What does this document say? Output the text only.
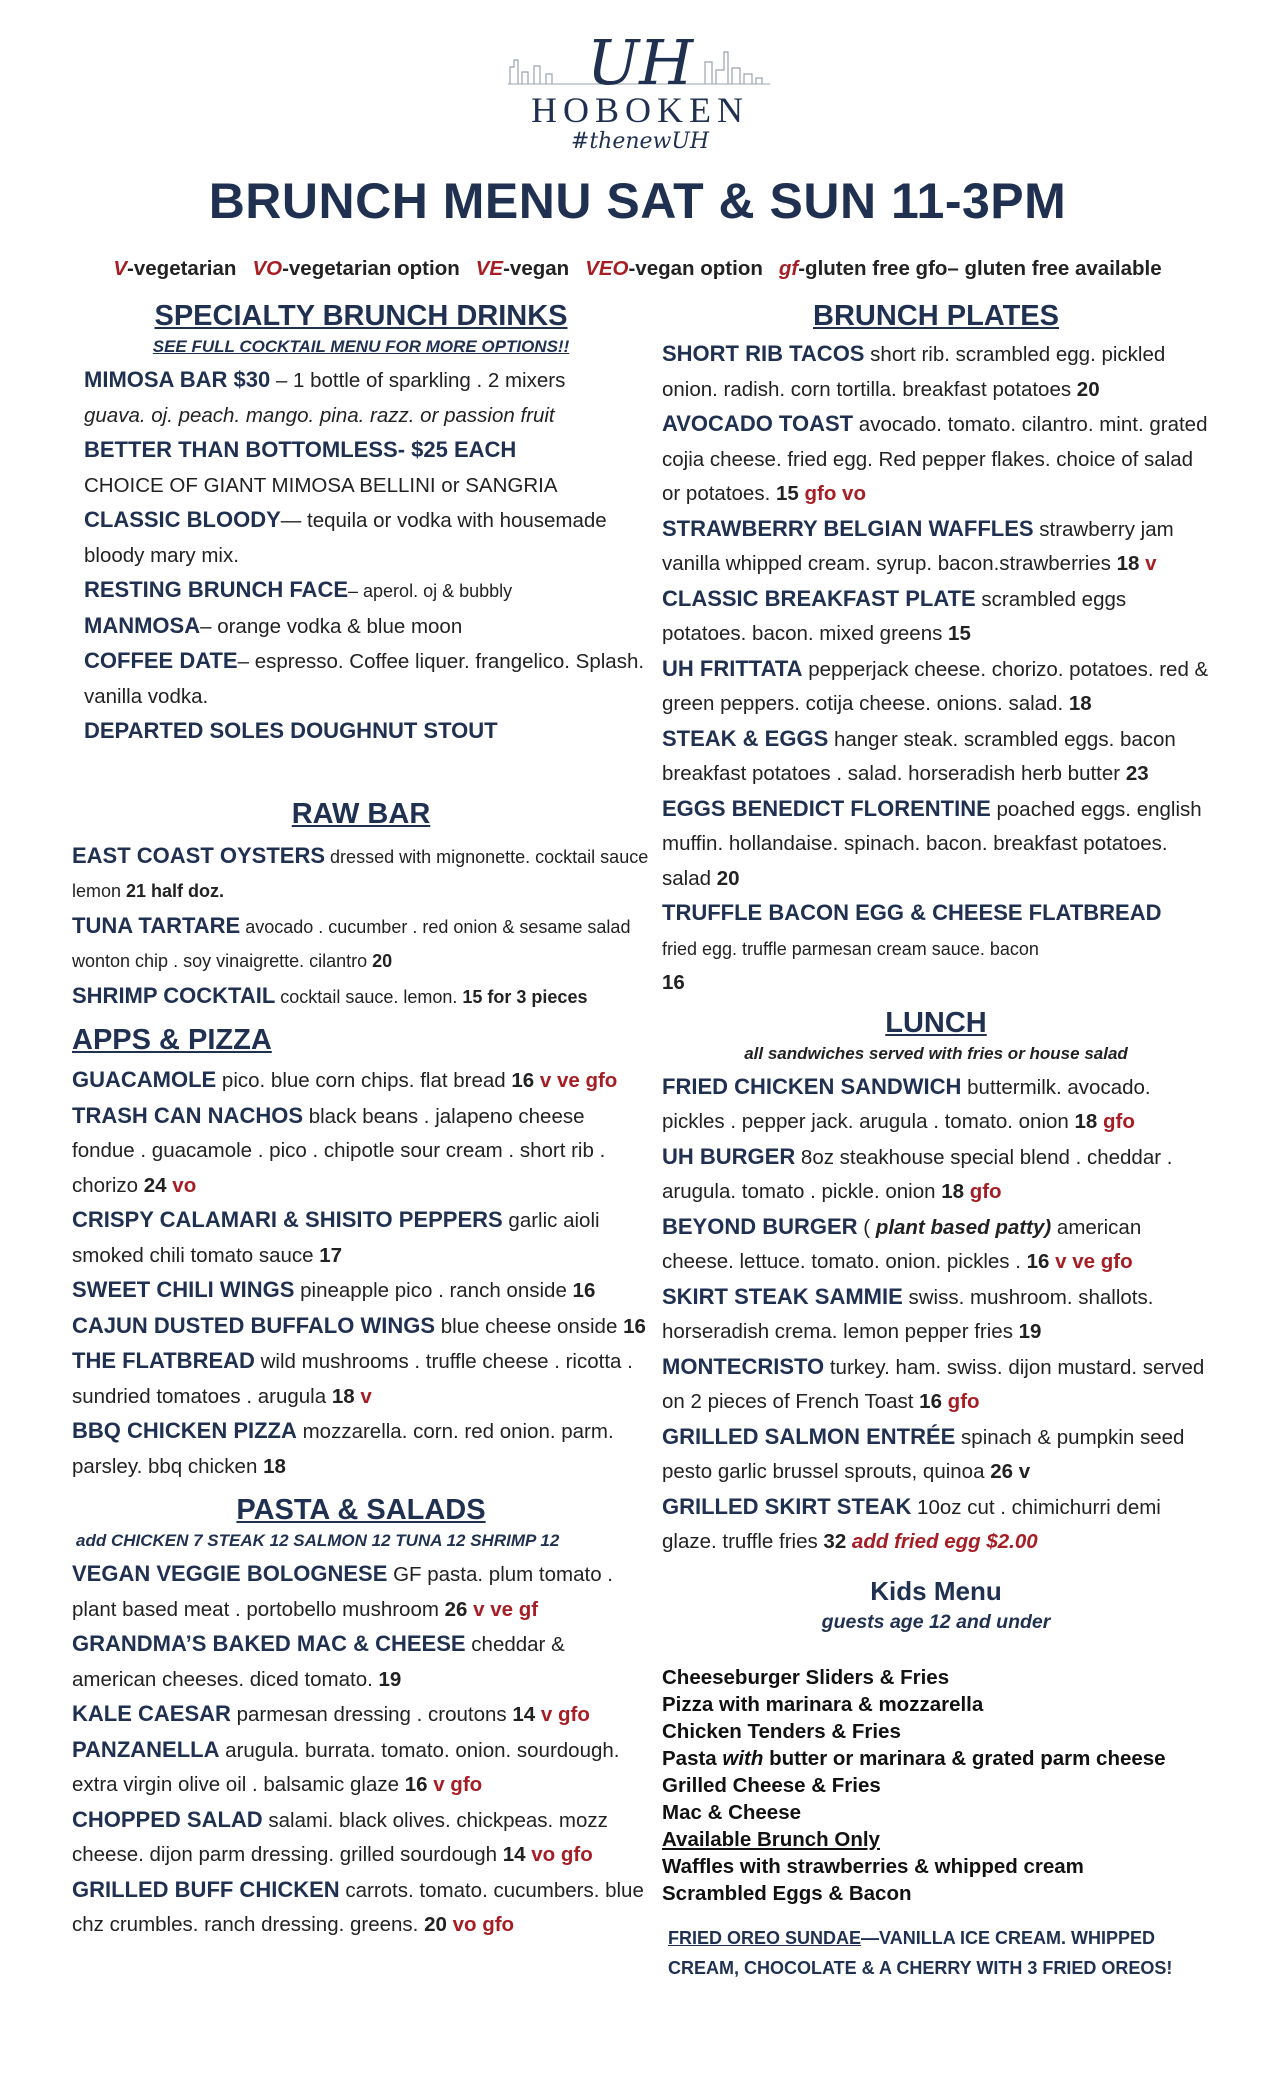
UH
HOBOKEN
#thenewUH
BRUNCH MENU SAT & SUN 11-3PM
V-vegetarian VO-vegetarian option VE-vegan VEO-vegan option gf-gluten free gfo– gluten free available
SPECIALTY BRUNCH DRINKS
SEE FULL COCKTAIL MENU FOR MORE OPTIONS!!
MIMOSA BAR $30 – 1 bottle of sparkling . 2 mixers
guava. oj. peach. mango. pina. razz. or passion fruit
BETTER THAN BOTTOMLESS- $25 EACH
CHOICE OF GIANT MIMOSA BELLINI or SANGRIA
CLASSIC BLOODY— tequila or vodka with housemade bloody mary mix.
RESTING BRUNCH FACE– aperol. oj & bubbly
MANMOSA– orange vodka & blue moon
COFFEE DATE– espresso. Coffee liquer. frangelico. Splash. vanilla vodka.
DEPARTED SOLES DOUGHNUT STOUT
RAW BAR
EAST COAST OYSTERS dressed with mignonette. cocktail sauce lemon 21 half doz.
TUNA TARTARE avocado . cucumber . red onion & sesame salad wonton chip . soy vinaigrette. cilantro 20
SHRIMP COCKTAIL cocktail sauce. lemon. 15 for 3 pieces
APPS & PIZZA
GUACAMOLE pico. blue corn chips. flat bread 16 v ve gfo
TRASH CAN NACHOS black beans . jalapeno cheese fondue . guacamole . pico . chipotle sour cream . short rib . chorizo 24 vo
CRISPY CALAMARI & SHISITO PEPPERS garlic aioli smoked chili tomato sauce 17
SWEET CHILI WINGS pineapple pico . ranch onside 16
CAJUN DUSTED BUFFALO WINGS blue cheese onside 16
THE FLATBREAD wild mushrooms . truffle cheese . ricotta . sundried tomatoes . arugula 18 v
BBQ CHICKEN PIZZA mozzarella. corn. red onion. parm. parsley. bbq chicken 18
PASTA & SALADS
add CHICKEN 7 STEAK 12 SALMON 12 TUNA 12 SHRIMP 12
VEGAN VEGGIE BOLOGNESE GF pasta. plum tomato . plant based meat . portobello mushroom 26 v ve gf
GRANDMA’S BAKED MAC & CHEESE cheddar & american cheeses. diced tomato. 19
KALE CAESAR parmesan dressing . croutons 14 v gfo
PANZANELLA arugula. burrata. tomato. onion. sourdough. extra virgin olive oil . balsamic glaze 16 v gfo
CHOPPED SALAD salami. black olives. chickpeas. mozz cheese. dijon parm dressing. grilled sourdough 14 vo gfo
GRILLED BUFF CHICKEN carrots. tomato. cucumbers. blue chz crumbles. ranch dressing. greens. 20 vo gfo
BRUNCH PLATES
SHORT RIB TACOS short rib. scrambled egg. pickled onion. radish. corn tortilla. breakfast potatoes 20
AVOCADO TOAST avocado. tomato. cilantro. mint. grated cojia cheese. fried egg. Red pepper flakes. choice of salad or potatoes. 15 gfo vo
STRAWBERRY BELGIAN WAFFLES strawberry jam vanilla whipped cream. syrup. bacon.strawberries 18 v
CLASSIC BREAKFAST PLATE scrambled eggs potatoes. bacon. mixed greens 15
UH FRITTATA pepperjack cheese. chorizo. potatoes. red & green peppers. cotija cheese. onions. salad. 18
STEAK & EGGS hanger steak. scrambled eggs. bacon breakfast potatoes . salad. horseradish herb butter 23
EGGS BENEDICT FLORENTINE poached eggs. english muffin. hollandaise. spinach. bacon. breakfast potatoes. salad 20
TRUFFLE BACON EGG & CHEESE FLATBREAD
fried egg. truffle parmesan cream sauce. bacon
16
LUNCH
all sandwiches served with fries or house salad
FRIED CHICKEN SANDWICH buttermilk. avocado. pickles . pepper jack. arugula . tomato. onion 18 gfo
UH BURGER 8oz steakhouse special blend . cheddar . arugula. tomato . pickle. onion 18 gfo
BEYOND BURGER ( plant based patty) american cheese. lettuce. tomato. onion. pickles . 16 v ve gfo
SKIRT STEAK SAMMIE swiss. mushroom. shallots. horseradish crema. lemon pepper fries 19
MONTECRISTO turkey. ham. swiss. dijon mustard. served on 2 pieces of French Toast 16 gfo
GRILLED SALMON ENTRÉE spinach & pumpkin seed pesto garlic brussel sprouts, quinoa 26 v
GRILLED SKIRT STEAK 10oz cut . chimichurri demi glaze. truffle fries 32 add fried egg $2.00
Kids Menu
guests age 12 and under
Cheeseburger Sliders & Fries
Pizza with marinara & mozzarella
Chicken Tenders & Fries
Pasta with butter or marinara & grated parm cheese
Grilled Cheese & Fries
Mac & Cheese
Available Brunch Only
Waffles with strawberries & whipped cream
Scrambled Eggs & Bacon
FRIED OREO SUNDAE—VANILLA ICE CREAM. WHIPPED CREAM, CHOCOLATE & A CHERRY WITH 3 FRIED OREOS!
